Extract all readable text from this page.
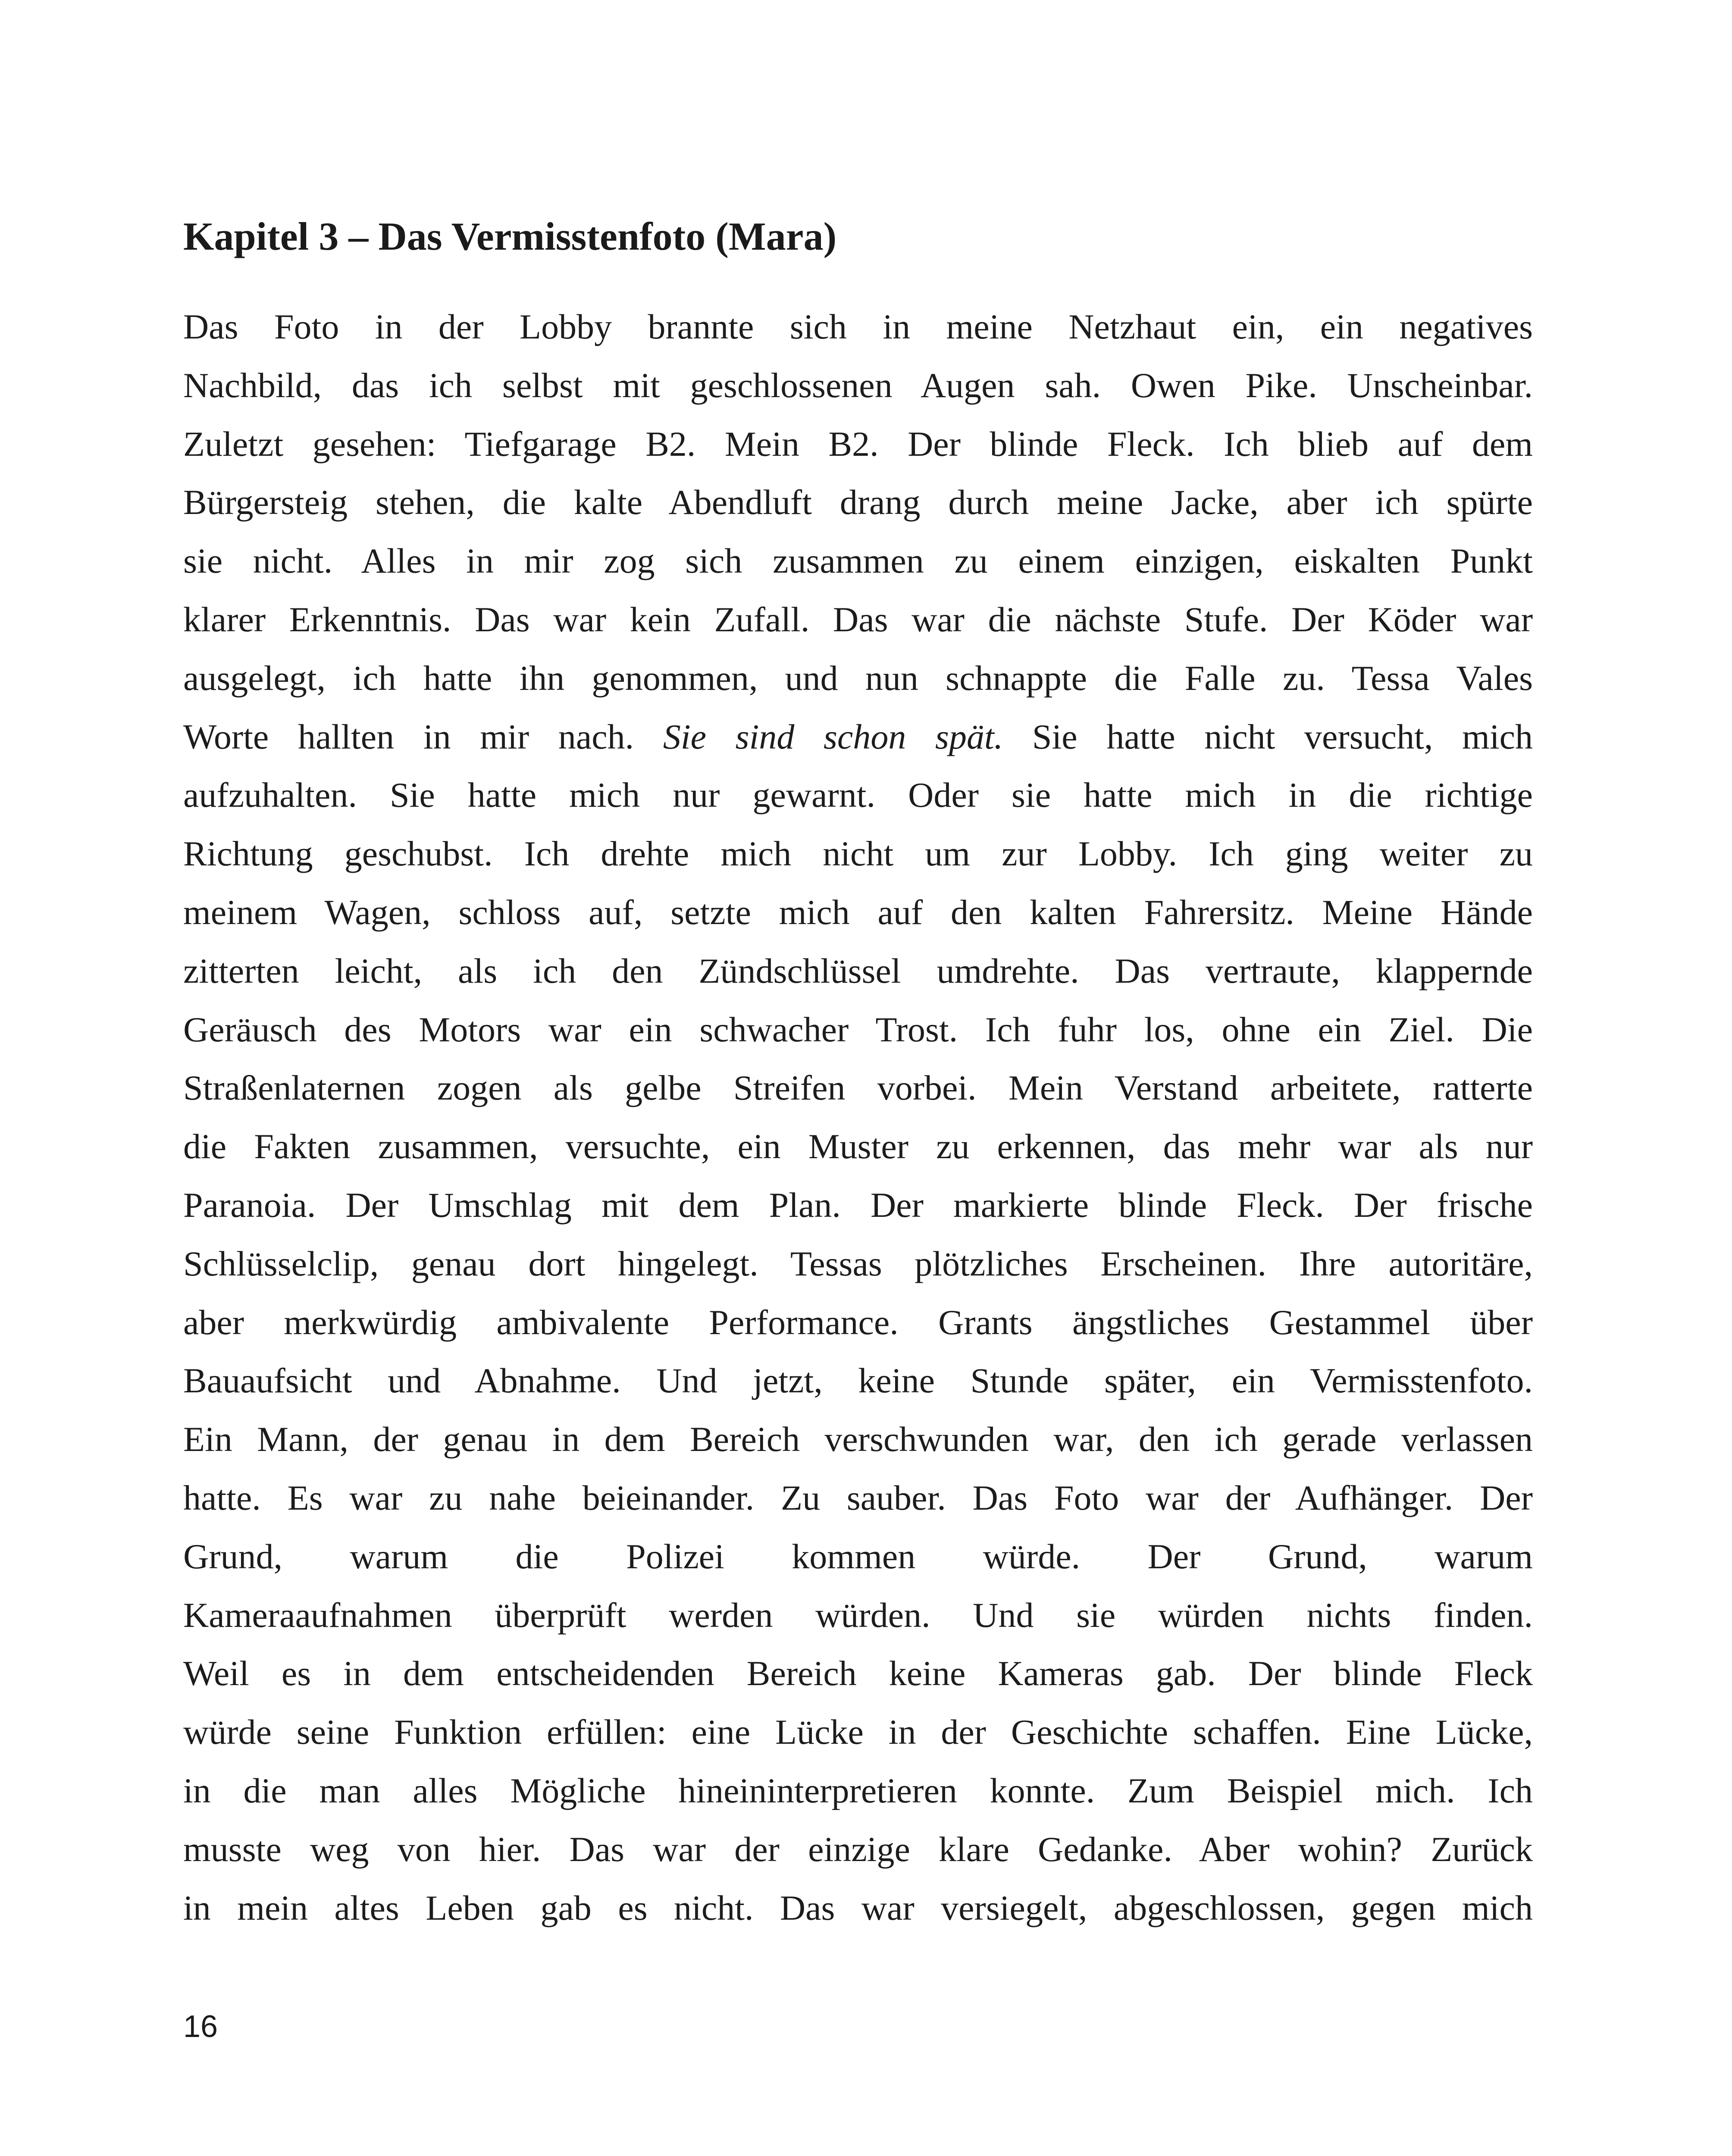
Kapitel 3 – Das Vermisstenfoto (Mara)
Das Foto in der Lobby brannte sich in meine Netzhaut ein, ein negatives
Nachbild, das ich selbst mit geschlossenen Augen sah. Owen Pike. Unscheinbar.
Zuletzt gesehen: Tiefgarage B2. Mein B2. Der blinde Fleck. Ich blieb auf dem
Bürgersteig stehen, die kalte Abendluft drang durch meine Jacke, aber ich spürte
sie nicht. Alles in mir zog sich zusammen zu einem einzigen, eiskalten Punkt
klarer Erkenntnis. Das war kein Zufall. Das war die nächste Stufe. Der Köder war
ausgelegt, ich hatte ihn genommen, und nun schnappte die Falle zu. Tessa Vales
Worte hallten in mir nach. Sie sind schon spät. Sie hatte nicht versucht, mich
aufzuhalten. Sie hatte mich nur gewarnt. Oder sie hatte mich in die richtige
Richtung geschubst. Ich drehte mich nicht um zur Lobby. Ich ging weiter zu
meinem Wagen, schloss auf, setzte mich auf den kalten Fahrersitz. Meine Hände
zitterten leicht, als ich den Zündschlüssel umdrehte. Das vertraute, klappernde
Geräusch des Motors war ein schwacher Trost. Ich fuhr los, ohne ein Ziel. Die
Straßenlaternen zogen als gelbe Streifen vorbei. Mein Verstand arbeitete, ratterte
die Fakten zusammen, versuchte, ein Muster zu erkennen, das mehr war als nur
Paranoia. Der Umschlag mit dem Plan. Der markierte blinde Fleck. Der frische
Schlüsselclip, genau dort hingelegt. Tessas plötzliches Erscheinen. Ihre autoritäre,
aber merkwürdig ambivalente Performance. Grants ängstliches Gestammel über
Bauaufsicht und Abnahme. Und jetzt, keine Stunde später, ein Vermisstenfoto.
Ein Mann, der genau in dem Bereich verschwunden war, den ich gerade verlassen
hatte. Es war zu nahe beieinander. Zu sauber. Das Foto war der Aufhänger. Der
Grund, warum die Polizei kommen würde. Der Grund, warum
Kameraaufnahmen überprüft werden würden. Und sie würden nichts finden.
Weil es in dem entscheidenden Bereich keine Kameras gab. Der blinde Fleck
würde seine Funktion erfüllen: eine Lücke in der Geschichte schaffen. Eine Lücke,
in die man alles Mögliche hineininterpretieren konnte. Zum Beispiel mich. Ich
musste weg von hier. Das war der einzige klare Gedanke. Aber wohin? Zurück
in mein altes Leben gab es nicht. Das war versiegelt, abgeschlossen, gegen mich
16
